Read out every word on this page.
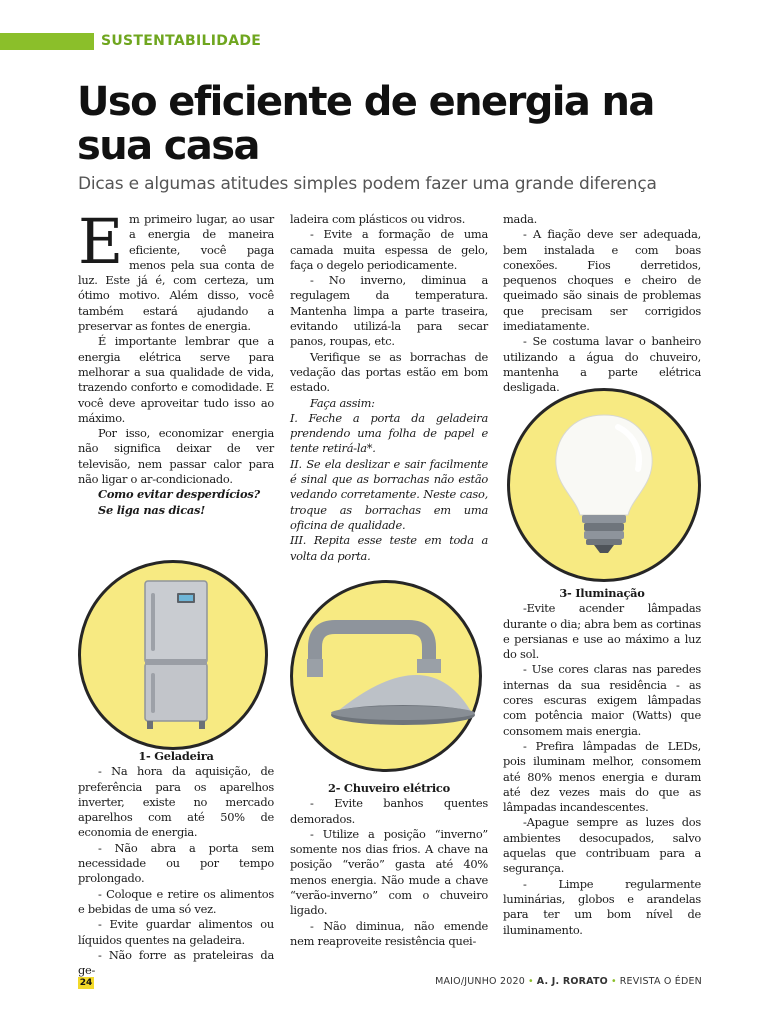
SUSTENTABILIDADE
Uso eficiente de energia na sua casa
Dicas e algumas atitudes simples podem fazer uma grande diferença
E m primeiro lugar, ao usar a energia de maneira eficiente, você paga menos pela sua conta de luz. Este já é, com certeza, um ótimo motivo. Além disso, você também estará ajudando a preservar as fontes de energia.

É importante lembrar que a energia elétrica serve para melhorar a sua qualidade de vida, trazendo conforto e comodidade. E você deve aproveitar tudo isso ao máximo.

Por isso, economizar energia não significa deixar de ver televisão, nem passar calor para não ligar o ar-condicionado.

Como evitar desperdícios?

Se liga nas dicas!

ladeira com plásticos ou vidros.

- Evite a formação de uma camada muita espessa de gelo, faça o degelo periodicamente.

- No inverno, diminua a regulagem da temperatura. Mantenha limpa a parte traseira, evitando utilizá-la para secar panos, roupas, etc.

Verifique se as borrachas de vedação das portas estão em bom estado.

Faça assim:

I. Feche a porta da geladeira prendendo uma folha de papel e tente retirá-la*.

II. Se ela deslizar e sair facilmente é sinal que as borrachas não estão vedando corretamente. Neste caso, troque as borrachas em uma oficina de qualidade.

III. Repita esse teste em toda a volta da porta.

mada.

- A fiação deve ser adequada, bem instalada e com boas conexões. Fios derretidos, pequenos choques e cheiro de queimado são sinais de problemas que precisam ser corrigidos imediatamente.

- Se costuma lavar o banheiro utilizando a água do chuveiro, mantenha a parte elétrica desligada.

1- Geladeira

- Na hora da aquisição, de preferência para os aparelhos inverter, existe no mercado aparelhos com até 50% de economia de energia.

- Não abra a porta sem necessidade ou por tempo prolongado.

- Coloque e retire os alimentos e bebidas de uma só vez.

- Evite guardar alimentos ou líquidos quentes na geladeira.

- Não forre as prateleiras da ge-

2- Chuveiro elétrico

- Evite banhos quentes demorados.

- Utilize a posição “inverno” somente nos dias frios. A chave na posição “verão” gasta até 40% menos energia. Não mude a chave “verão-inverno” com o chuveiro ligado.

- Não diminua, não emende nem reaproveite resistência quei-

3- Iluminação

-Evite acender lâmpadas durante o dia; abra bem as cortinas e persianas e use ao máximo a luz do sol.

- Use cores claras nas paredes internas da sua residência - as cores escuras exigem lâmpadas com potência maior (Watts) que consomem mais energia.

- Prefira lâmpadas de LEDs, pois iluminam melhor, consomem até 80% menos energia e duram até dez vezes mais do que as lâmpadas incandescentes.

-Apague sempre as luzes dos ambientes desocupados, salvo aquelas que contribuam para a segurança.

- Limpe regularmente luminárias, globos e arandelas para ter um bom nível de iluminamento.

24	MAIO/JUNHO 2020 • A. J. RORATO • REVISTA O ÉDEN
